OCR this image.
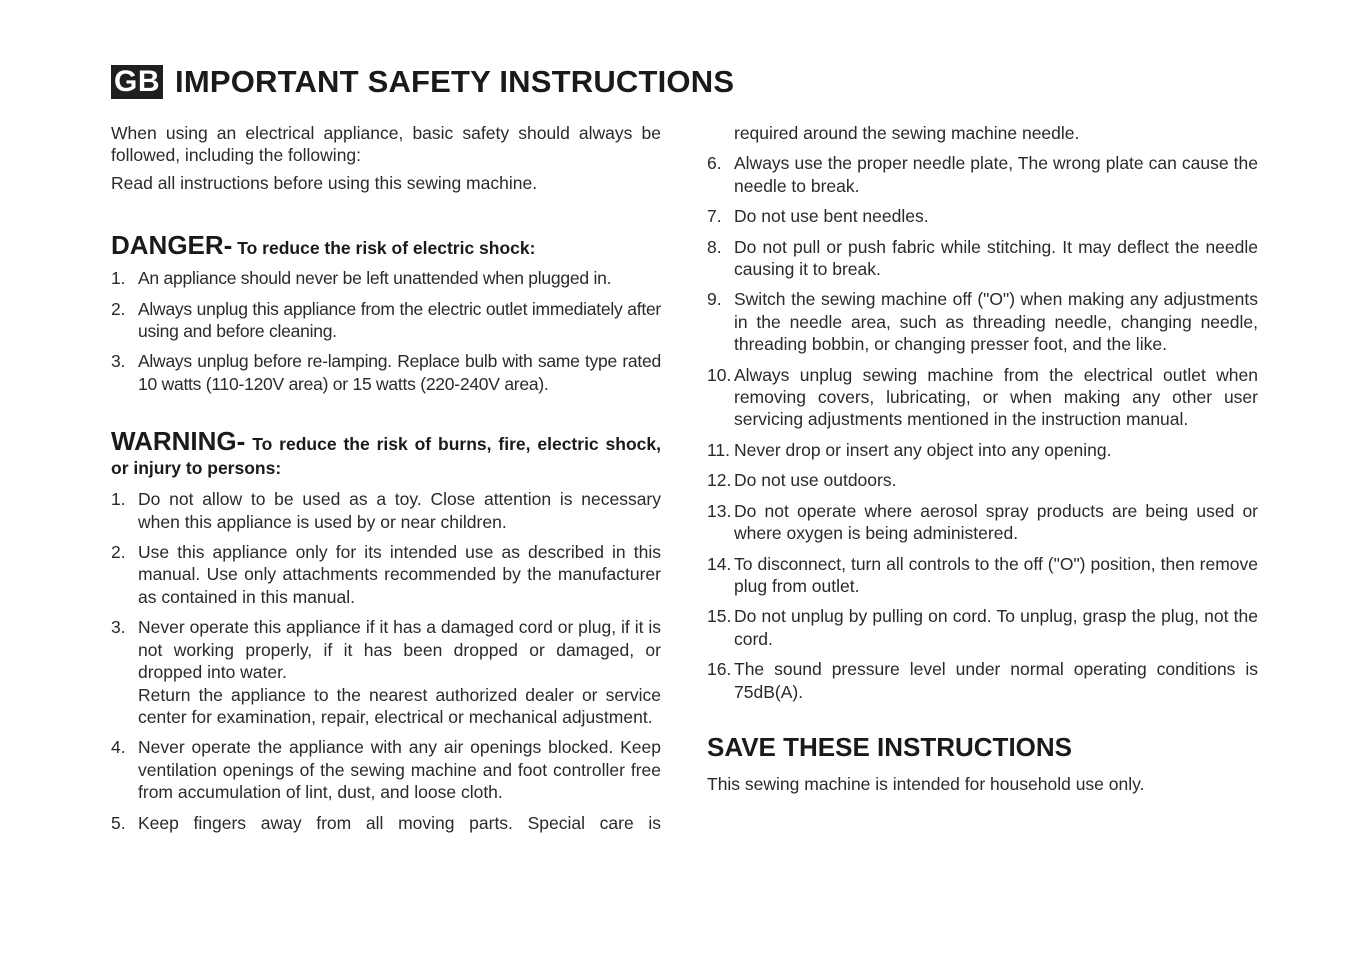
GB IMPORTANT SAFETY INSTRUCTIONS

When using an electrical appliance, basic safety should always be followed, including the following:

Read all instructions before using this sewing machine.

DANGER- To reduce the risk of electric shock:
1. An appliance should never be left unattended when plugged in.
2. Always unplug this appliance from the electric outlet immediately after using and before cleaning.
3. Always unplug before re-lamping. Replace bulb with same type rated 10 watts (110-120V area) or 15 watts (220-240V area).
WARNING- To reduce the risk of burns, fire, electric shock, or injury to persons:
1. Do not allow to be used as a toy. Close attention is necessary when this appliance is used by or near children.
2. Use this appliance only for its intended use as described in this manual. Use only attachments recommended by the manufacturer as contained in this manual.
3. Never operate this appliance if it has a damaged cord or plug, if it is not working properly, if it has been dropped or damaged, or dropped into water.

Return the appliance to the nearest authorized dealer or service center for examination, repair, electrical or mechanical adjustment.

4. Never operate the appliance with any air openings blocked. Keep ventilation openings of the sewing machine and foot controller free from accumulation of lint, dust, and loose cloth.
5. Keep fingers away from all moving parts. Special care is

required around the sewing machine needle.

6. Always use the proper needle plate, The wrong plate can cause the needle to break.
7. Do not use bent needles.
8. Do not pull or push fabric while stitching. It may deflect the needle causing it to break.
9. Switch the sewing machine off ("O") when making any adjustments in the needle area, such as threading needle, changing needle, threading bobbin, or changing presser foot, and the like.
10. Always unplug sewing machine from the electrical outlet when removing covers, lubricating, or when making any other user servicing adjustments mentioned in the instruction manual.
11. Never drop or insert any object into any opening.
12. Do not use outdoors.
13. Do not operate where aerosol spray products are being used or where oxygen is being administered.
14. To disconnect, turn all controls to the off ("O") position, then remove plug from outlet.
15. Do not unplug by pulling on cord. To unplug, grasp the plug, not the cord.
16. The sound pressure level under normal operating conditions is 75dB(A).
SAVE THESE INSTRUCTIONS

This sewing machine is intended for household use only.
